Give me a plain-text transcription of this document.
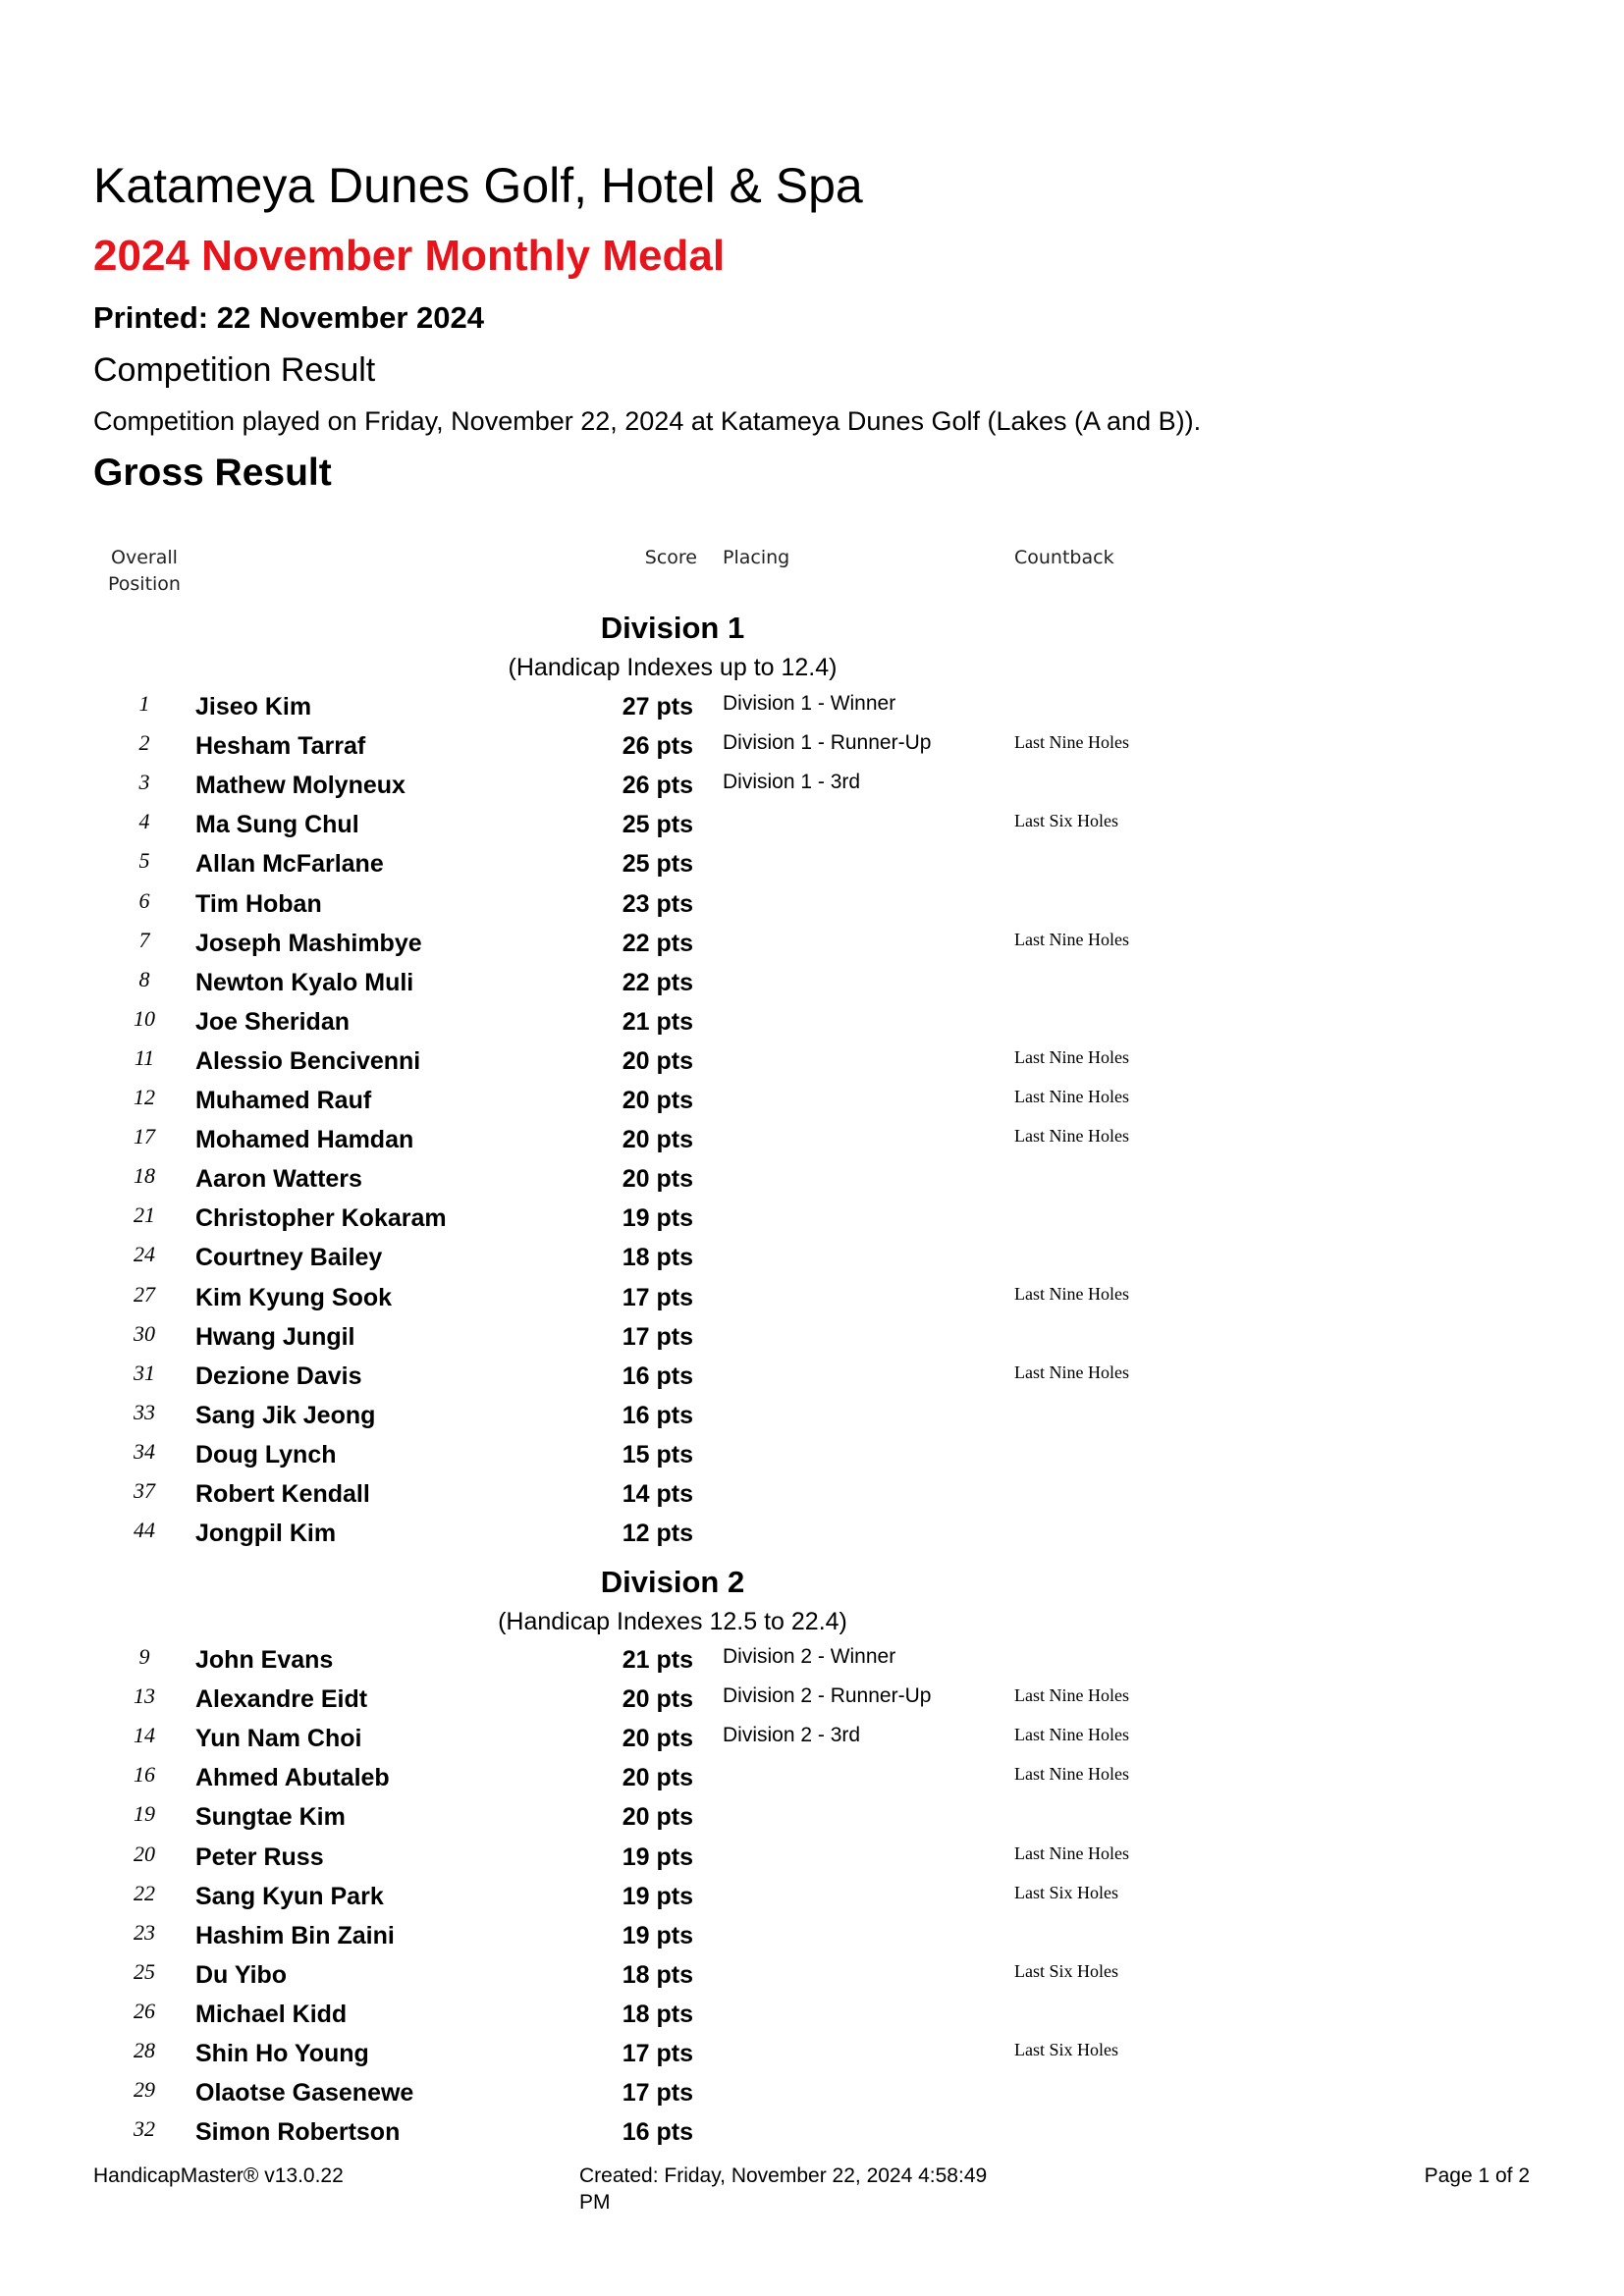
Katameya Dunes Golf, Hotel & Spa
2024 November Monthly Medal
Printed: 22 November 2024
Competition Result
Competition played on Friday, November 22, 2024 at Katameya Dunes Golf (Lakes (A and B)).
Gross Result
Overall
Position
Score Placing	Countback
Division 1
(Handicap Indexes up to 12.4)
1	Jiseo Kim	27 pts Division 1 - Winner
2	Hesham Tarraf	26 pts Division 1 - Runner-Up	Last Nine Holes
3	Mathew Molyneux	26 pts Division 1 - 3rd
4	Ma Sung Chul	25 pts	Last Six Holes
5	Allan McFarlane	25 pts
6	Tim Hoban	23 pts
7	Joseph Mashimbye	22 pts	Last Nine Holes
8	Newton Kyalo Muli	22 pts
10	Joe Sheridan	21 pts
11	Alessio Bencivenni	20 pts	Last Nine Holes
12	Muhamed Rauf	20 pts	Last Nine Holes
17	Mohamed Hamdan	20 pts	Last Nine Holes
18	Aaron Watters	20 pts
21	Christopher Kokaram	19 pts
24	Courtney Bailey	18 pts
27	Kim Kyung Sook	17 pts	Last Nine Holes
30	Hwang Jungil	17 pts
31	Dezione Davis	16 pts	Last Nine Holes
33	Sang Jik Jeong	16 pts
34	Doug Lynch	15 pts
37	Robert Kendall	14 pts
44	Jongpil Kim	12 pts
Division 2
(Handicap Indexes 12.5 to 22.4)
9	John Evans	21 pts Division 2 - Winner
13	Alexandre Eidt	20 pts Division 2 - Runner-Up	Last Nine Holes
14	Yun Nam Choi	20 pts Division 2 - 3rd	Last Nine Holes
16	Ahmed Abutaleb	20 pts	Last Nine Holes
19	Sungtae Kim	20 pts
20	Peter Russ	19 pts	Last Nine Holes
22	Sang Kyun Park	19 pts	Last Six Holes
23	Hashim Bin Zaini	19 pts
25	Du Yibo	18 pts	Last Six Holes
26	Michael Kidd	18 pts
28	Shin Ho Young	17 pts	Last Six Holes
29	Olaotse Gasenewe	17 pts
32	Simon Robertson	16 pts
HandicapMaster® v13.0.22	Created: Friday, November 22, 2024 4:58:49
PM
Page 1 of 2
